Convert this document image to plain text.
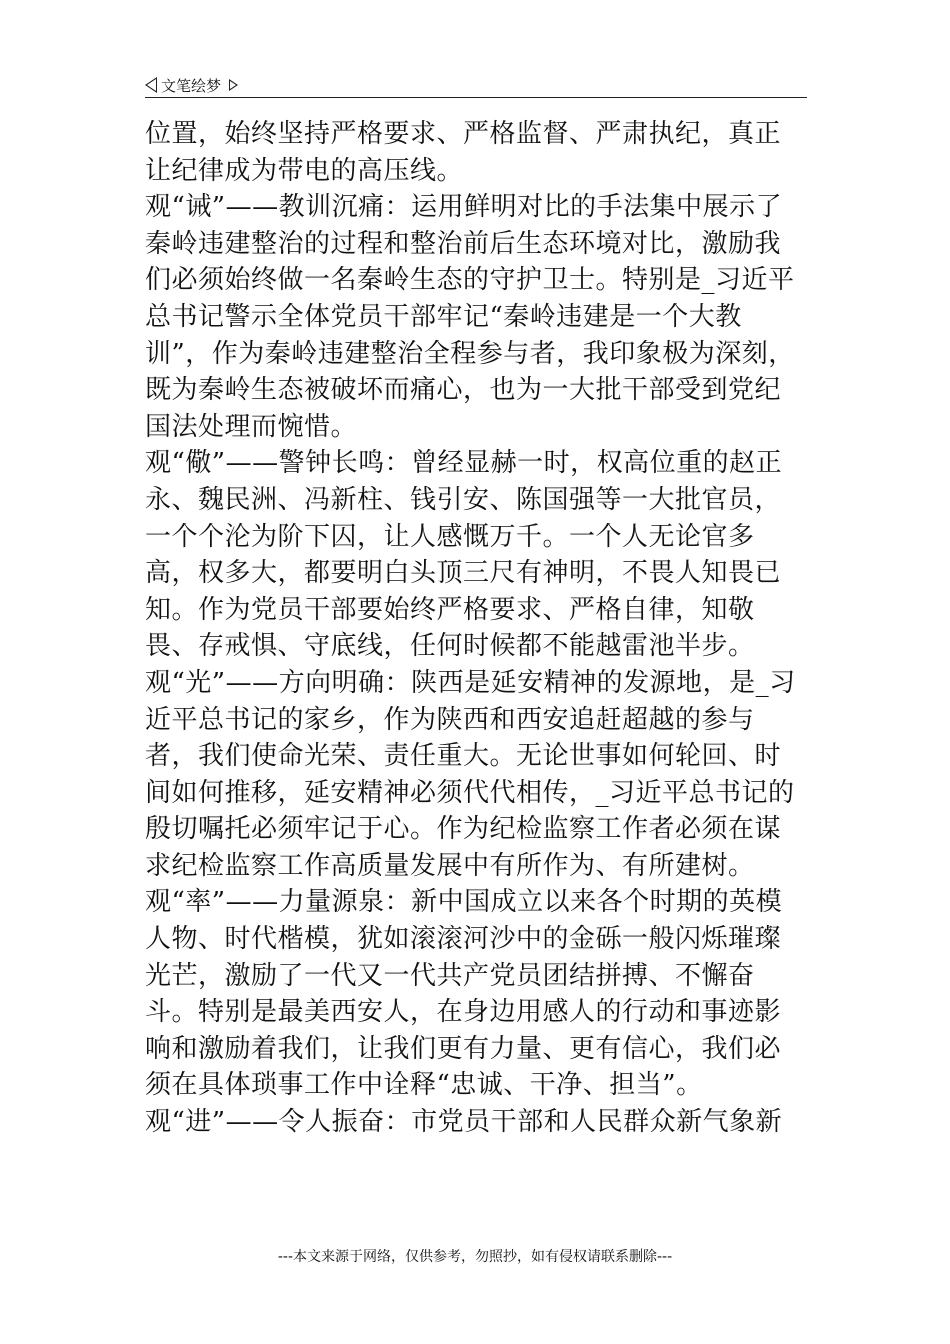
文笔绘梦

位置，始终坚持严格要求、严格监督、严肃执纪，真正让纪律成为带电的高压线。

观“诫”——教训沉痛：运用鲜明对比的手法集中展示了秦岭违建整治的过程和整治前后生态环境对比，激励我们必须始终做一名秦岭生态的守护卫士。特别是_习近平总书记警示全体党员干部牢记“秦岭违建是一个大教训”，作为秦岭违建整治全程参与者，我印象极为深刻，既为秦岭生态被破坏而痛心，也为一大批干部受到党纪国法处理而惋惜。

观“儆”——警钟长鸣：曾经显赫一时，权高位重的赵正永、魏民洲、冯新柱、钱引安、陈国强等一大批官员，一个个沦为阶下囚，让人感慨万千。一个人无论官多高，权多大，都要明白头顶三尺有神明，不畏人知畏已知。作为党员干部要始终严格要求、严格自律，知敬畏、存戒惧、守底线，任何时候都不能越雷池半步。

观“光”——方向明确：陕西是延安精神的发源地，是_习近平总书记的家乡，作为陕西和西安追赶超越的参与者，我们使命光荣、责任重大。无论世事如何轮回、时间如何推移，延安精神必须代代相传，_习近平总书记的殷切嘱托必须牢记于心。作为纪检监察工作者必须在谋求纪检监察工作高质量发展中有所作为、有所建树。

观“率”——力量源泉：新中国成立以来各个时期的英模人物、时代楷模，犹如滚滚河沙中的金砾一般闪烁璀璨光芒，激励了一代又一代共产党员团结拼搏、不懈奋斗。特别是最美西安人，在身边用感人的行动和事迹影响和激励着我们，让我们更有力量、更有信心，我们必须在具体琐事工作中诠释“忠诚、干净、担当”。

观“进”——令人振奋：市党员干部和人民群众新气象新

---本文来源于网络，仅供参考，勿照抄，如有侵权请联系删除---
